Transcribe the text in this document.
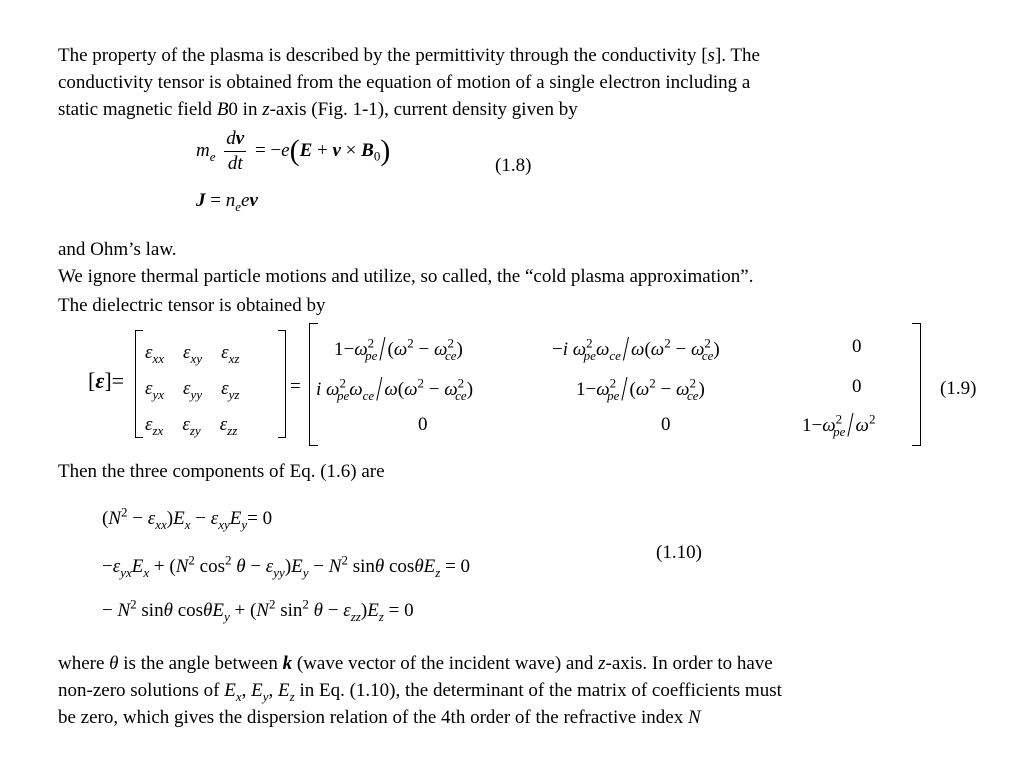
The property of the plasma is described by the permittivity through the conductivity [s]. The
conductivity tensor is obtained from the equation of motion of a single electron including a
static magnetic field B0 in z-axis (Fig. 1-1), current density given by
$m_e \frac{dv}{dt} = -e(E + v \times B_0)$
$J = n_eev$
(1.8)
and Ohm’s law.
We ignore thermal particle motions and utilize, so called, the “cold plasma approximation”.
The dielectric tensor is obtained by
[ε]=
$\varepsilon_{xx}$ $\varepsilon_{xy}$ $\varepsilon_{xz}$
$\varepsilon_{yx}$ $\varepsilon_{yy}$ $\varepsilon_{yz}$
$\varepsilon_{zx}$ $\varepsilon_{zy}$ $\varepsilon_{zz}$
=
$1-\omega^2_{pe}/$ $(\omega^2 - \omega^2_{ce})$	−i $\omega^2_{pe}\omega_{ce}/$ $\omega(\omega^2 - \omega^2_{ce})$	0
i $\omega^2_{pe}\omega_{ce}/$ $\omega(\omega^2 - \omega^2_{ce})$	$1-\omega^2_{pe}/$ $(\omega^2 - \omega^2_{ce})$	0
0	0	$1-\omega^2_{pe}/$ $\omega^2$
(1.9)
Then the three components of Eq. (1.6) are
$(N^2 - \varepsilon_{xx})E_x - \varepsilon_{xy}E_y= 0$
$-\varepsilon_{yx}E_x + (N^2$ $\cos^2 \theta - \varepsilon_{yy})E_y - N^2$ sinθ cosθE$_z$ = 0
− $N^2$ sinθ $\cos\theta E_y + (N^2$ $\sin^2 \theta - \varepsilon_{zz})E_z = 0$
(1.10)
where θ is the angle between k (wave vector of the incident wave) and z-axis. In order to have
non-zero solutions of $E_x$, $E_y$, $E_z$ in Eq. (1.10), the determinant of the matrix of coefficients must
be zero, which gives the dispersion relation of the 4th order of the refractive index N
